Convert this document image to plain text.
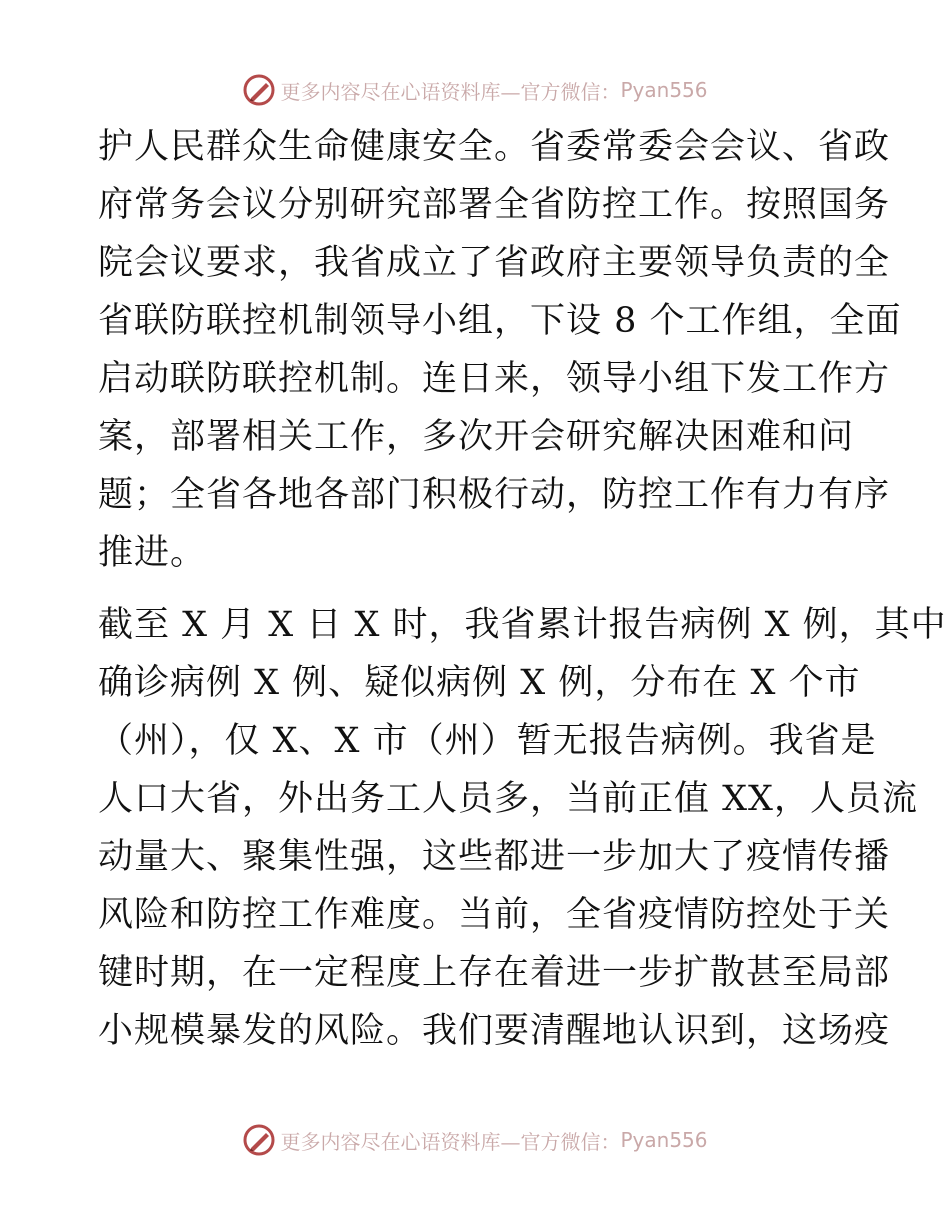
更多内容尽在心语资料库—官方微信： Pyan556
护人民群众生命健康安全。省委常委会会议、省政
府常务会议分别研究部署全省防控工作。按照国务
院会议要求，我省成立了省政府主要领导负责的全
省联防联控机制领导小组，下设 8 个工作组，全面
启动联防联控机制。连日来，领导小组下发工作方
案，部署相关工作，多次开会研究解决困难和问
题；全省各地各部门积极行动，防控工作有力有序
推进。
截至 X 月 X 日 X 时，我省累计报告病例 X 例，其中
确诊病例 X 例、疑似病例 X 例，分布在 X 个市
（州），仅 X、X 市（州）暂无报告病例。我省是
人口大省，外出务工人员多，当前正值 XX，人员流
动量大、聚集性强，这些都进一步加大了疫情传播
风险和防控工作难度。当前，全省疫情防控处于关
键时期，在一定程度上存在着进一步扩散甚至局部
小规模暴发的风险。我们要清醒地认识到，这场疫
更多内容尽在心语资料库—官方微信： Pyan556
